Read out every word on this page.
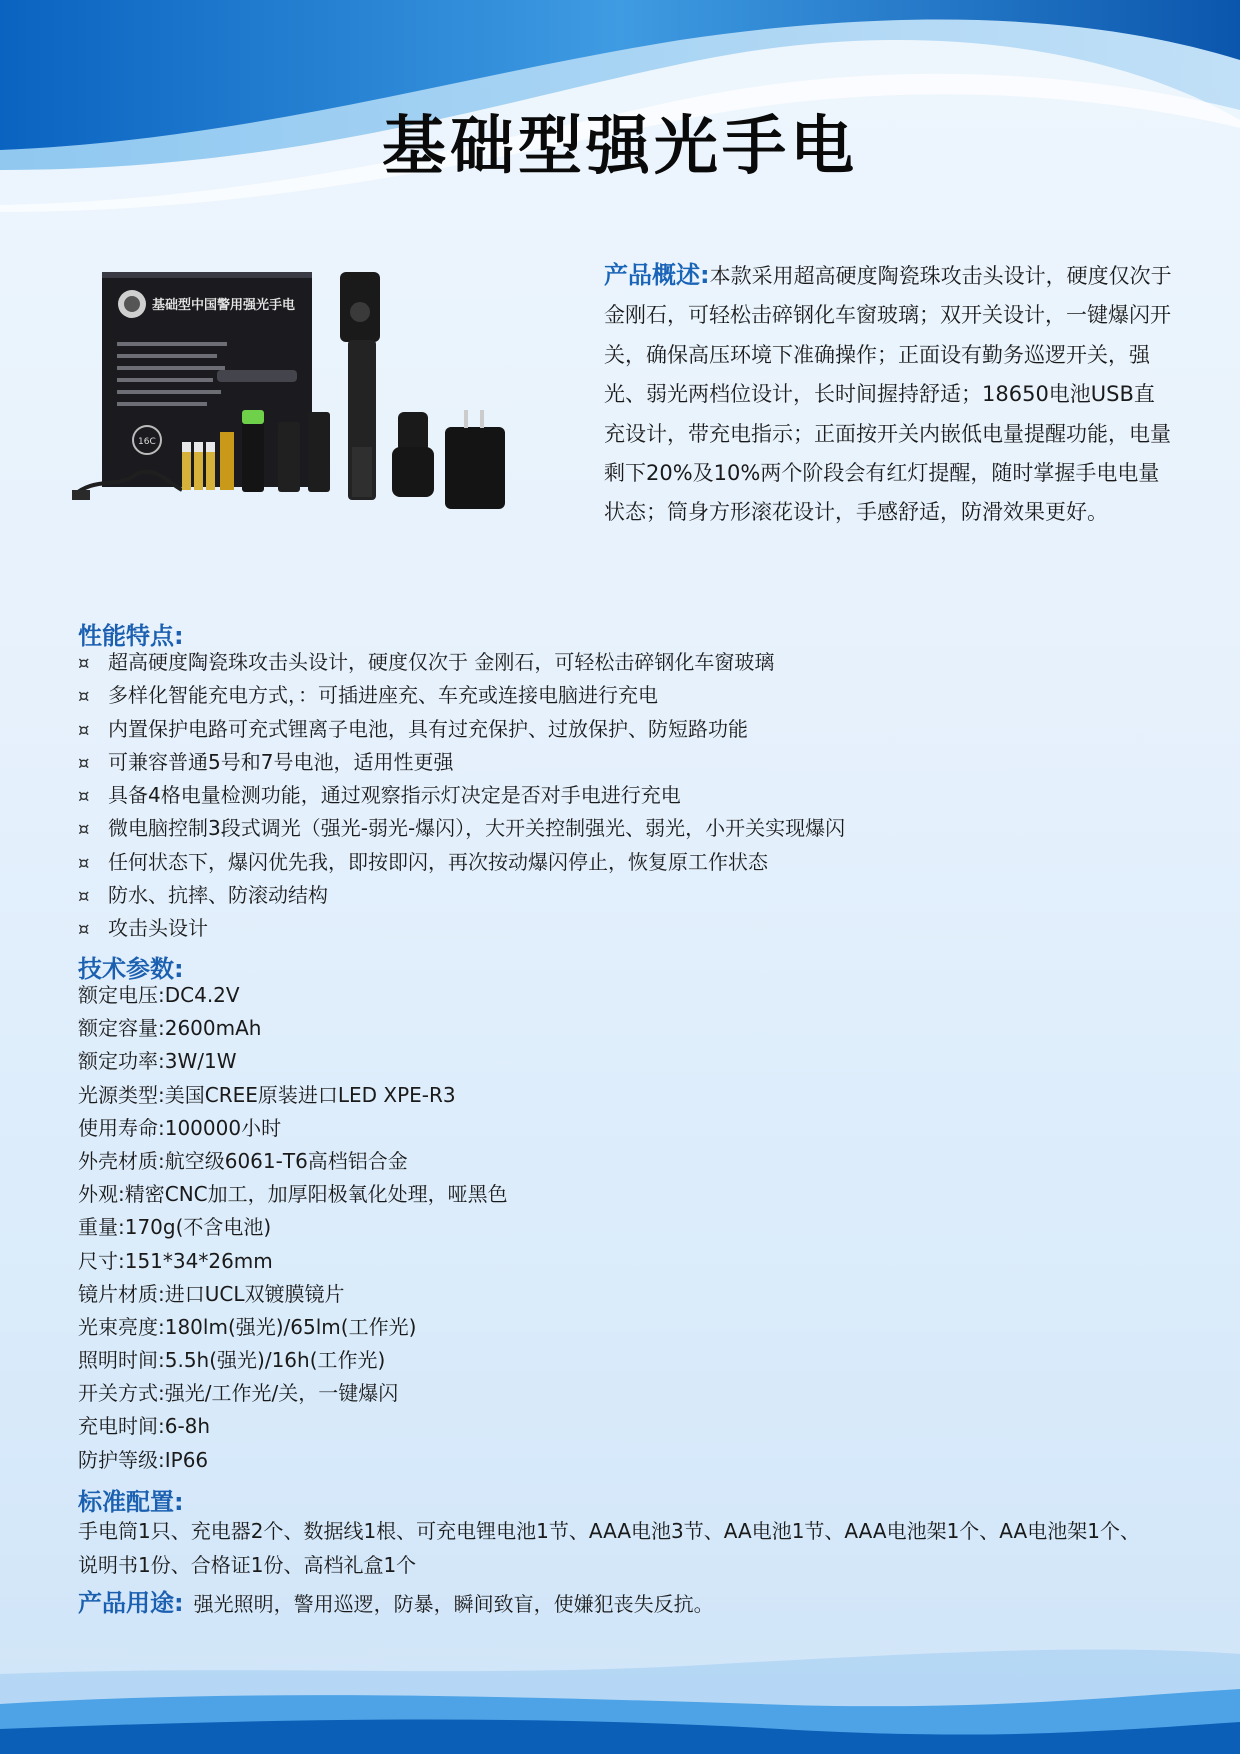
基础型强光手电
基础型中国警用强光手电
16C

产品概述:本款采用超高硬度陶瓷珠攻击头设计，硬度仅次于金刚石，可轻松击碎钢化车窗玻璃；双开关设计，一键爆闪开关，确保高压环境下准确操作；正面设有勤务巡逻开关，强光、弱光两档位设计，长时间握持舒适；18650电池USB直充设计，带充电指示；正面按开关内嵌低电量提醒功能，电量剩下20%及10%两个阶段会有红灯提醒，随时掌握手电电量状态；筒身方形滚花设计，手感舒适，防滑效果更好。

性能特点:
¤ 超高硬度陶瓷珠攻击头设计，硬度仅次于 金刚石，可轻松击碎钢化车窗玻璃
¤ 多样化智能充电方式，：可插进座充、车充或连接电脑进行充电
¤ 内置保护电路可充式锂离子电池，具有过充保护、过放保护、防短路功能
¤ 可兼容普通5号和7号电池，适用性更强
¤ 具备4格电量检测功能，通过观察指示灯决定是否对手电进行充电
¤ 微电脑控制3段式调光（强光-弱光-爆闪），大开关控制强光、弱光，小开关实现爆闪
¤ 任何状态下，爆闪优先我，即按即闪，再次按动爆闪停止，恢复原工作状态
¤ 防水、抗摔、防滚动结构
¤ 攻击头设计
技术参数:
额定电压:DC4.2V
额定容量:2600mAh
额定功率:3W/1W
光源类型:美国CREE原装进口LED XPE-R3
使用寿命:100000小时
外壳材质:航空级6061-T6高档铝合金
外观:精密CNC加工，加厚阳极氧化处理，哑黑色
重量:170g(不含电池)
尺寸:151*34*26mm
镜片材质:进口UCL双镀膜镜片
光束亮度:180lm(强光)/65lm(工作光)
照明时间:5.5h(强光)/16h(工作光)
开关方式:强光/工作光/关，一键爆闪
充电时间:6-8h
防护等级:IP66
标准配置:

手电筒1只、充电器2个、数据线1根、可充电锂电池1节、AAA电池3节、AA电池1节、AAA电池架1个、AA电池架1个、说明书1份、合格证1份、高档礼盒1个

产品用途: 强光照明，警用巡逻，防暴，瞬间致盲，使嫌犯丧失反抗。
